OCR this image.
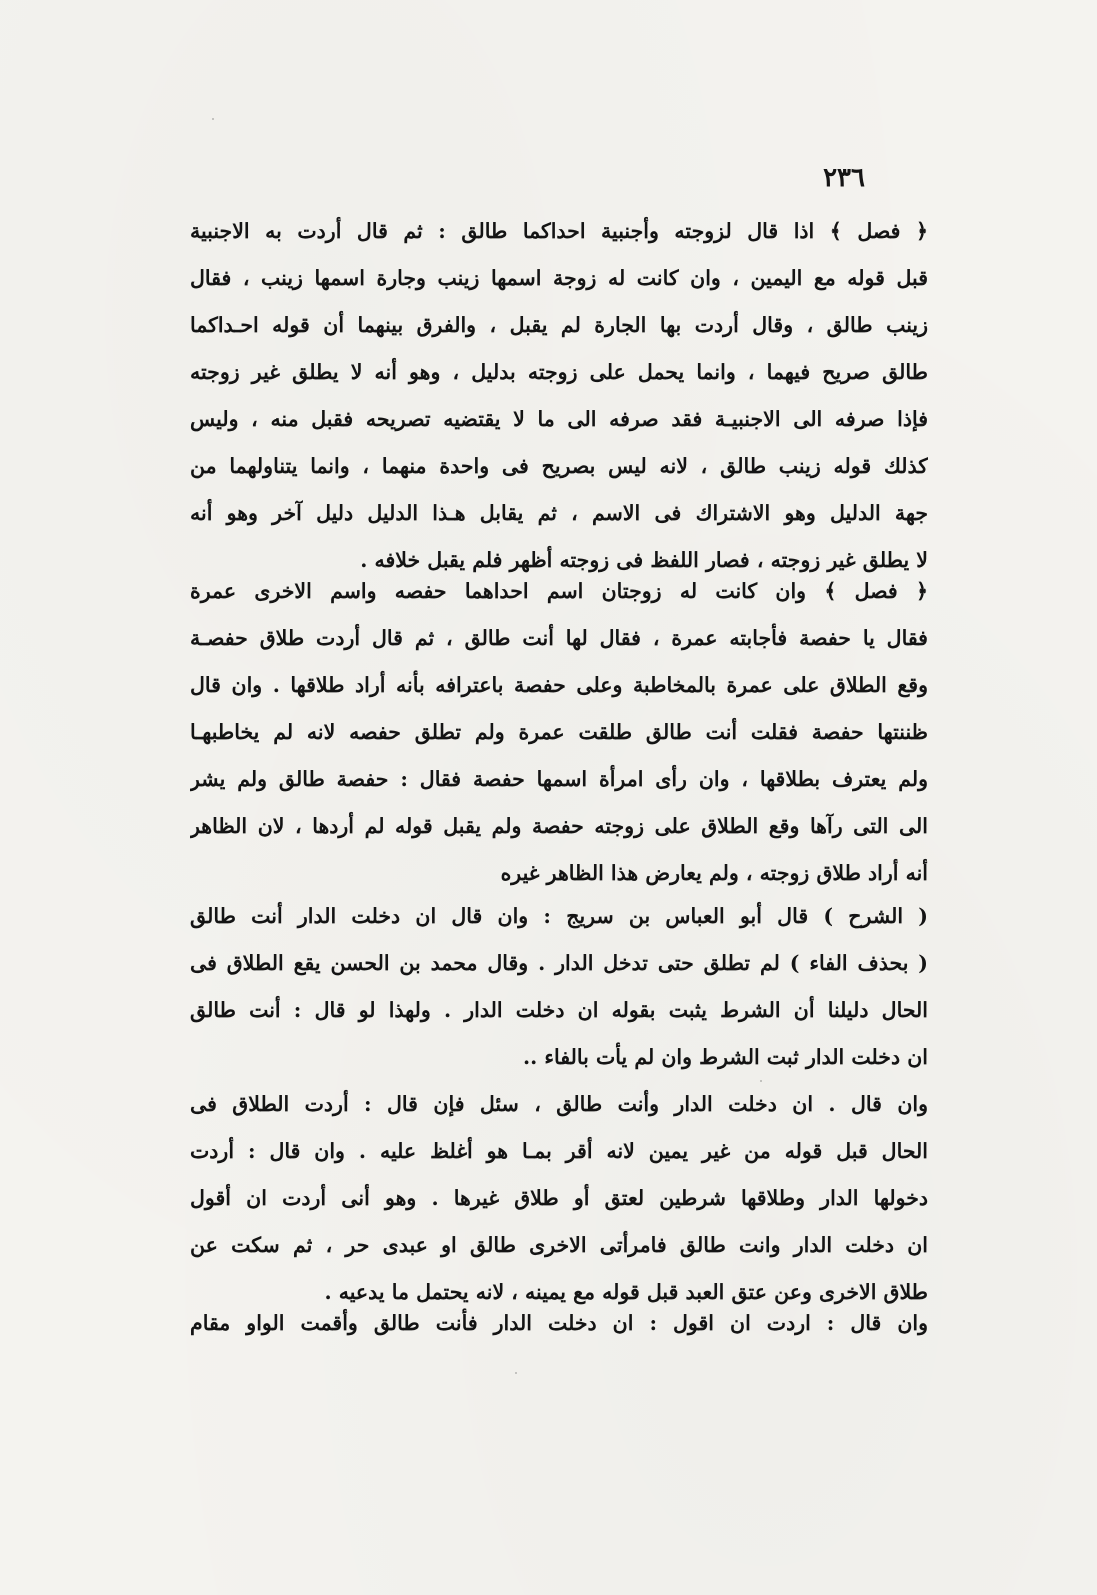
٢٣٦
﴿ فصل ﴾ اذا قال لزوجته وأجنبية احداكما طالق : ثم قال أردت به الاجنبية
قبل قوله مع اليمين ، وان كانت له زوجة اسمها زينب وجارة اسمها زينب ، فقال
زينب طالق ، وقال أردت بها الجارة لم يقبل ، والفرق بينهما أن قوله احـداكما
طالق صريح فيهما ، وانما يحمل على زوجته بدليل ، وهو أنه لا يطلق غير زوجته
فإذا صرفه الى الاجنبيـة فقد صرفه الى ما لا يقتضيه تصريحه فقبل منه ، وليس
كذلك قوله زينب طالق ، لانه ليس بصريح فى واحدة منهما ، وانما يتناولهما من
جهة الدليل وهو الاشتراك فى الاسم ، ثم يقابل هـذا الدليل دليل آخر وهو أنه
لا يطلق غير زوجته ، فصار اللفظ فى زوجته أظهر فلم يقبل خلافه .
﴿ فصل ﴾ وان كانت له زوجتان اسم احداهما حفصه واسم الاخرى عمرة
فقال يا حفصة فأجابته عمرة ، فقال لها أنت طالق ، ثم قال أردت طلاق حفصـة
وقع الطلاق على عمرة بالمخاطبة وعلى حفصة باعترافه بأنه أراد طلاقها . وان قال
ظننتها حفصة فقلت أنت طالق طلقت عمرة ولم تطلق حفصه لانه لم يخاطبهـا
ولم يعترف بطلاقها ، وان رأى امرأة اسمها حفصة فقال : حفصة طالق ولم يشر
الى التى رآها وقع الطلاق على زوجته حفصة ولم يقبل قوله لم أردها ، لان الظاهر
أنه أراد طلاق زوجته ، ولم يعارض هذا الظاهر غيره
( الشرح ) قال أبو العباس بن سريج : وان قال ان دخلت الدار أنت طالق
( بحذف الفاء ) لم تطلق حتى تدخل الدار . وقال محمد بن الحسن يقع الطلاق فى
الحال دليلنا أن الشرط يثبت بقوله ان دخلت الدار . ولهذا لو قال : أنت طالق
ان دخلت الدار ثبت الشرط وان لم يأت بالفاء ..
وان قال . ان دخلت الدار وأنت طالق ، سئل فإن قال : أردت الطلاق فى
الحال قبل قوله من غير يمين لانه أقر بمـا هو أغلظ عليه . وان قال : أردت
دخولها الدار وطلاقها شرطين لعتق أو طلاق غيرها . وهو أنى أردت ان أقول
ان دخلت الدار وانت طالق فامرأتى الاخرى طالق او عبدى حر ، ثم سكت عن
طلاق الاخرى وعن عتق العبد قبل قوله مع يمينه ، لانه يحتمل ما يدعيه .
وان قال : اردت ان اقول : ان دخلت الدار فأنت طالق وأقمت الواو مقام
